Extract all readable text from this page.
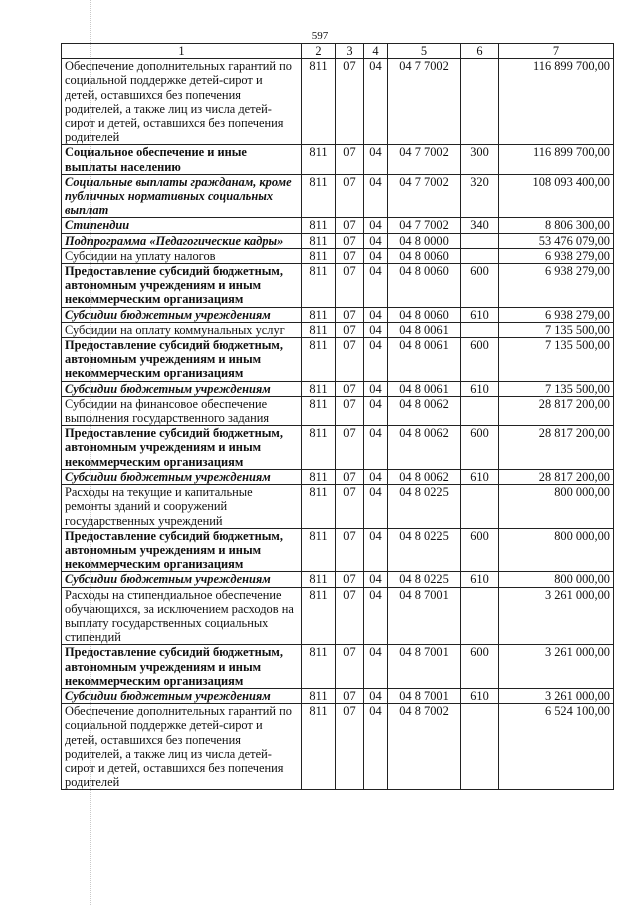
597
1	2	3	4	5	6	7
Обеспечение дополнительных гарантий по социальной поддержке детей-сирот и детей, оставшихся без попечения родителей, а также лиц из числа детей-сирот и детей, оставшихся без попечения родителей	811	07	04	04 7 7002		116 899 700,00
Социальное обеспечение и иные выплаты населению	811	07	04	04 7 7002	300	116 899 700,00
Социальные выплаты гражданам, кроме публичных нормативных социальных выплат	811	07	04	04 7 7002	320	108 093 400,00
Стипендии	811	07	04	04 7 7002	340	8 806 300,00
Подпрограмма «Педагогические кадры»	811	07	04	04 8 0000		53 476 079,00
Субсидии на уплату налогов	811	07	04	04 8 0060		6 938 279,00
Предоставление субсидий бюджетным, автономным учреждениям и иным некоммерческим организациям	811	07	04	04 8 0060	600	6 938 279,00
Субсидии бюджетным учреждениям	811	07	04	04 8 0060	610	6 938 279,00
Субсидии на оплату коммунальных услуг	811	07	04	04 8 0061		7 135 500,00
Предоставление субсидий бюджетным, автономным учреждениям и иным некоммерческим организациям	811	07	04	04 8 0061	600	7 135 500,00
Субсидии бюджетным учреждениям	811	07	04	04 8 0061	610	7 135 500,00
Субсидии на финансовое обеспечение выполнения государственного задания	811	07	04	04 8 0062		28 817 200,00
Предоставление субсидий бюджетным, автономным учреждениям и иным некоммерческим организациям	811	07	04	04 8 0062	600	28 817 200,00
Субсидии бюджетным учреждениям	811	07	04	04 8 0062	610	28 817 200,00
Расходы на текущие и капитальные ремонты зданий и сооружений государственных учреждений	811	07	04	04 8 0225		800 000,00
Предоставление субсидий бюджетным, автономным учреждениям и иным некоммерческим организациям	811	07	04	04 8 0225	600	800 000,00
Субсидии бюджетным учреждениям	811	07	04	04 8 0225	610	800 000,00
Расходы на стипендиальное обеспечение обучающихся, за исключением расходов на выплату государственных социальных стипендий	811	07	04	04 8 7001		3 261 000,00
Предоставление субсидий бюджетным, автономным учреждениям и иным некоммерческим организациям	811	07	04	04 8 7001	600	3 261 000,00
Субсидии бюджетным учреждениям	811	07	04	04 8 7001	610	3 261 000,00
Обеспечение дополнительных гарантий по социальной поддержке детей-сирот и детей, оставшихся без попечения родителей, а также лиц из числа детей-сирот и детей, оставшихся без попечения родителей	811	07	04	04 8 7002		6 524 100,00
